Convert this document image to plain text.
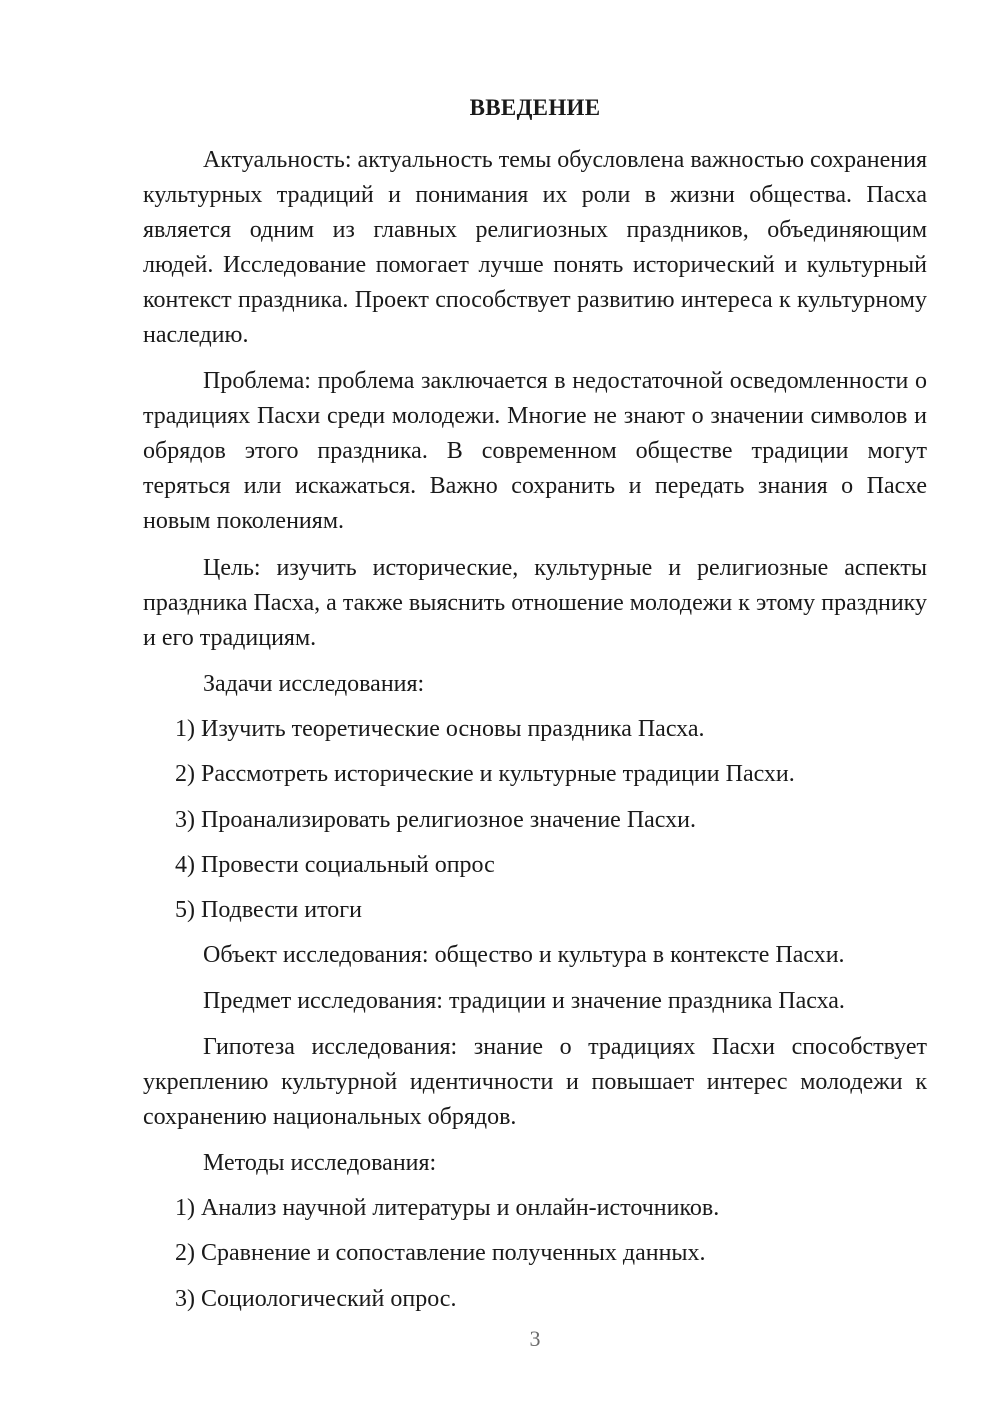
ВВЕДЕНИЕ

Актуальность: актуальность темы обусловлена важностью сохранения культурных традиций и понимания их роли в жизни общества. Пасха является одним из главных религиозных праздников, объединяющим людей. Исследование помогает лучше понять исторический и культурный контекст праздника. Проект способствует развитию интереса к культурному наследию.

Проблема: проблема заключается в недостаточной осведомленности о традициях Пасхи среди молодежи. Многие не знают о значении символов и обрядов этого праздника. В современном обществе традиции могут теряться или искажаться. Важно сохранить и передать знания о Пасхе новым поколениям.

Цель: изучить исторические, культурные и религиозные аспекты праздника Пасха, а также выяснить отношение молодежи к этому празднику и его традициям.

Задачи исследования:

1) Изучить теоретические основы праздника Пасха.

2) Рассмотреть исторические и культурные традиции Пасхи.

3) Проанализировать религиозное значение Пасхи.

4) Провести социальный опрос

5) Подвести итоги

Объект исследования: общество и культура в контексте Пасхи.

Предмет исследования: традиции и значение праздника Пасха.

Гипотеза исследования: знание о традициях Пасхи способствует укреплению культурной идентичности и повышает интерес молодежи к сохранению национальных обрядов.

Методы исследования:

1) Анализ научной литературы и онлайн-источников.

2) Сравнение и сопоставление полученных данных.

3) Социологический опрос.

3
